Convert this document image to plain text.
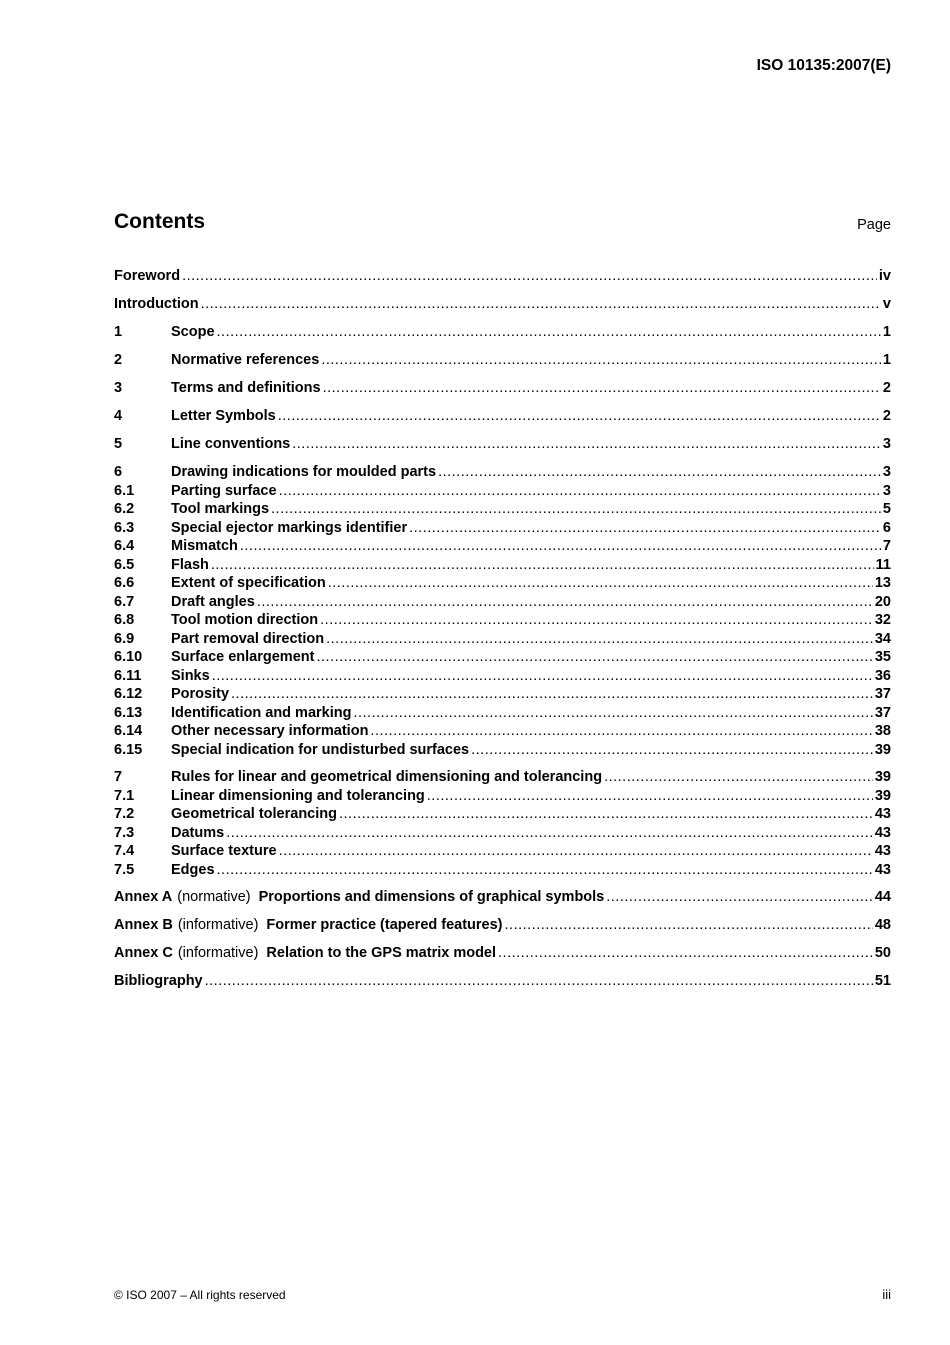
ISO 10135:2007(E)
Contents	Page
Foreword .....	iv
Introduction .....	v
1	Scope .....	1
2	Normative references .....	1
3	Terms and definitions .....	2
4	Letter Symbols .....	2
5	Line conventions .....	3
6	Drawing indications for moulded parts .....	3
6.1	Parting surface .....	3
6.2	Tool markings .....	5
6.3	Special ejector markings identifier .....	6
6.4	Mismatch .....	7
6.5	Flash .....	11
6.6	Extent of specification .....	13
6.7	Draft angles .....	20
6.8	Tool motion direction .....	32
6.9	Part removal direction .....	34
6.10	Surface enlargement .....	35
6.11	Sinks .....	36
6.12	Porosity .....	37
6.13	Identification and marking .....	37
6.14	Other necessary information .....	38
6.15	Special indication for undisturbed surfaces .....	39
7	Rules for linear and geometrical dimensioning and tolerancing .....	39
7.1	Linear dimensioning and tolerancing .....	39
7.2	Geometrical tolerancing .....	43
7.3	Datums .....	43
7.4	Surface texture .....	43
7.5	Edges .....	43
Annex A (normative) Proportions and dimensions of graphical symbols .....	44
Annex B (informative) Former practice (tapered features) .....	48
Annex C (informative) Relation to the GPS matrix model .....	50
Bibliography .....	51
© ISO 2007 – All rights reserved	iii
